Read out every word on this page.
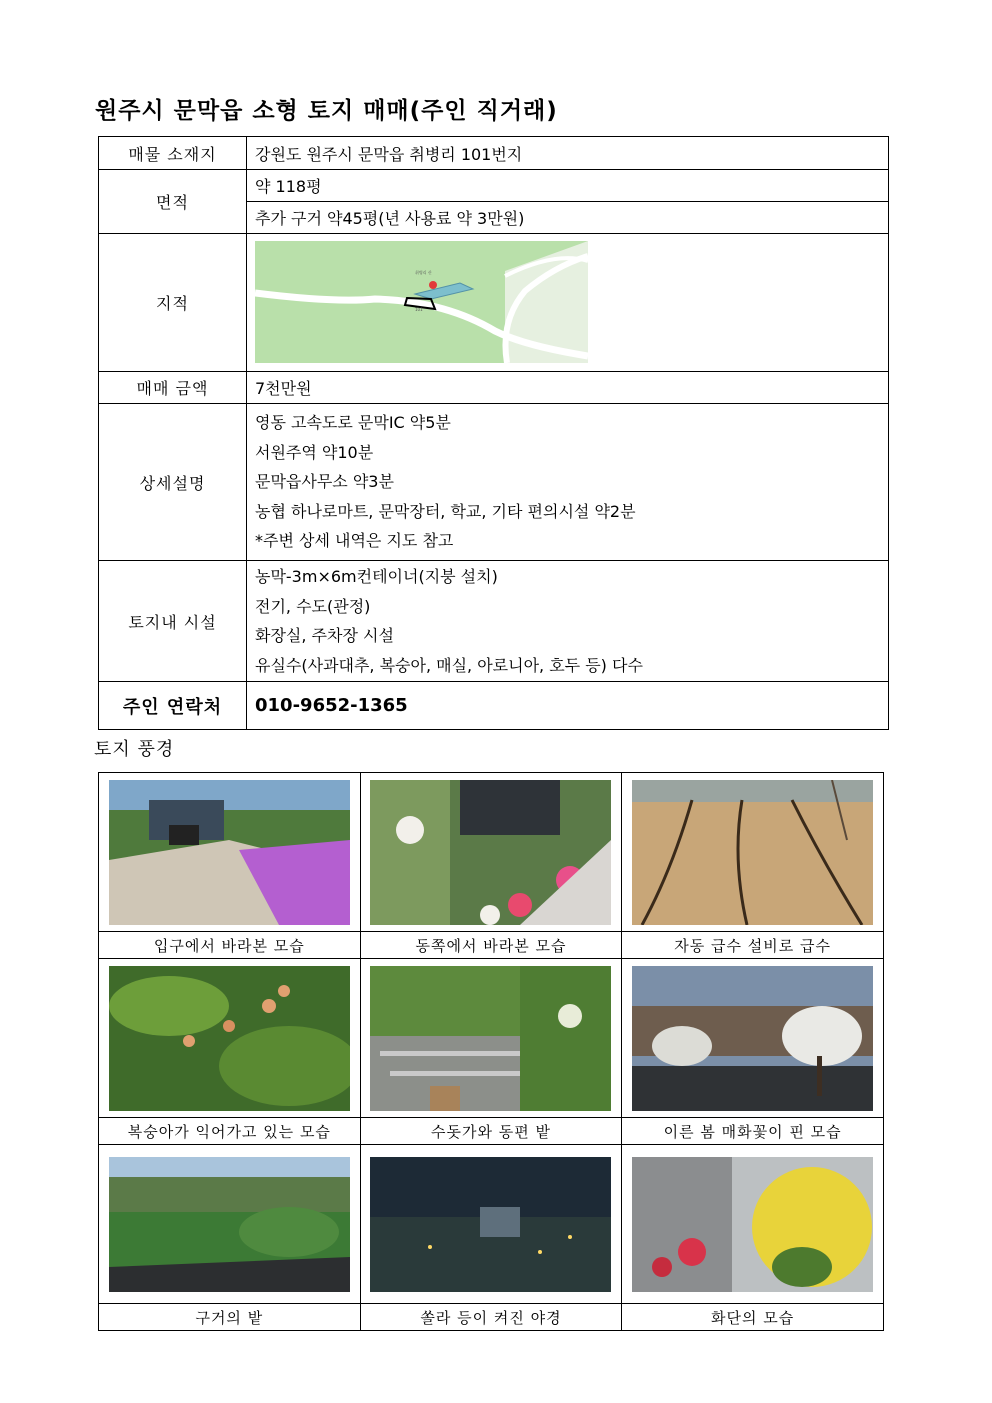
원주시 문막읍 소형 토지 매매(주인 직거래)
매물 소재지	강원도 원주시 문막읍 취병리 101번지
면적	약 118평
	추가 구거 약45평(년 사용료 약 3만원)
지적	취병리 산
101

매매 금액	7천만원
상세설명	영동 고속도로 문막IC 약5분
서원주역 약10분
문막읍사무소 약3분
농협 하나로마트, 문막장터, 학교, 기타 편의시설 약2분
*주변 상세 내역은 지도 참고

토지내 시설	농막-3m×6m컨테이너(지붕 설치)
전기, 수도(관정)
화장실, 주차장 시설
유실수(사과대추, 복숭아, 매실, 아로니아, 호두 등) 다수

주인 연락처	010-9652-1365
토지 풍경

입구에서 바라본 모습	동쪽에서 바라본 모습	자동 급수 설비로 급수

복숭아가 익어가고 있는 모습	수돗가와 동편 밭	이른 봄 매화꽃이 핀 모습

구거의 밭	쏠라 등이 켜진 야경	화단의 모습
